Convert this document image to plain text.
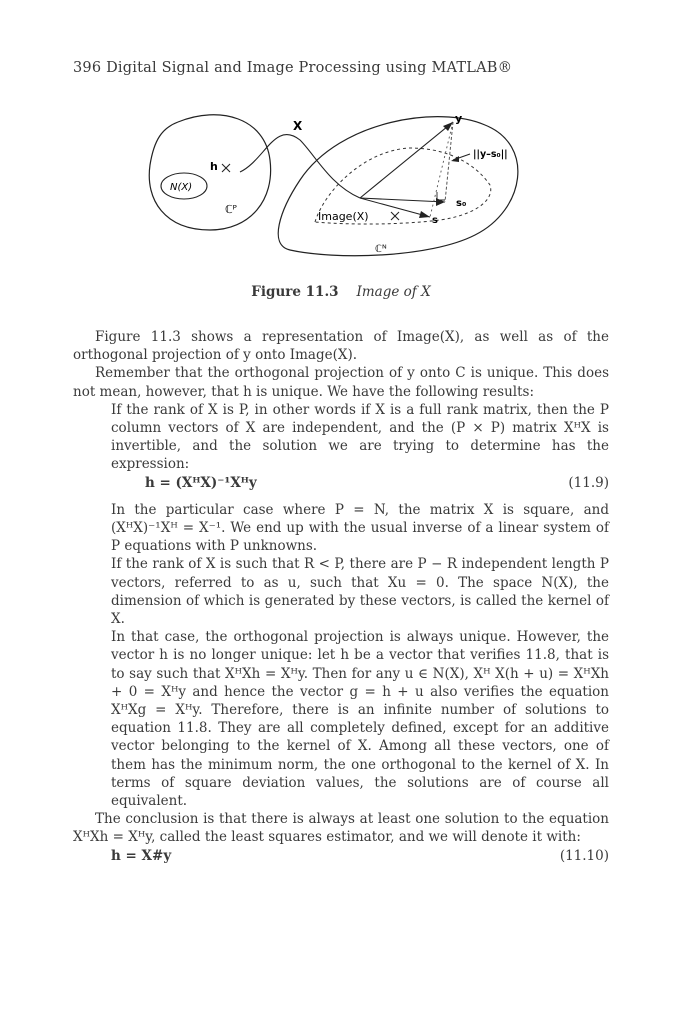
396 Digital Signal and Image Processing using MATLAB®
X
y
h
N(X)
ℂᴾ
||y–s₀||
s₀
Image(X)	s
ℂᴺ
Figure 11.3 Image of X

Figure 11.3 shows a representation of Image(X), as well as of the orthogonal projection of y onto Image(X).

Remember that the orthogonal projection of y onto C is unique. This does not mean, however, that h is unique. We have the following results:

If the rank of X is P, in other words if X is a full rank matrix, then the P column vectors of X are independent, and the (P × P) matrix XᴴX is invertible, and the solution we are trying to determine has the expression:

h = (XᴴX)⁻¹Xᴴy	(11.9)

In the particular case where P = N, the matrix X is square, and (XᴴX)⁻¹Xᴴ = X⁻¹. We end up with the usual inverse of a linear system of P equations with P unknowns.

If the rank of X is such that R < P, there are P − R independent length P vectors, referred to as u, such that Xu = 0. The space N(X), the dimension of which is generated by these vectors, is called the kernel of X.

In that case, the orthogonal projection is always unique. However, the vector h is no longer unique: let h be a vector that verifies 11.8, that is to say such that XᴴXh = Xᴴy. Then for any u ∈ N(X), Xᴴ X(h + u) = XᴴXh + 0 = Xᴴy and hence the vector g = h + u also verifies the equation XᴴXg = Xᴴy. Therefore, there is an infinite number of solutions to equation 11.8. They are all completely defined, except for an additive vector belonging to the kernel of X. Among all these vectors, one of them has the minimum norm, the one orthogonal to the kernel of X. In terms of square deviation values, the solutions are of course all equivalent.

The conclusion is that there is always at least one solution to the equation XᴴXh = Xᴴy, called the least squares estimator, and we will denote it with:

h = X#y	(11.10)
